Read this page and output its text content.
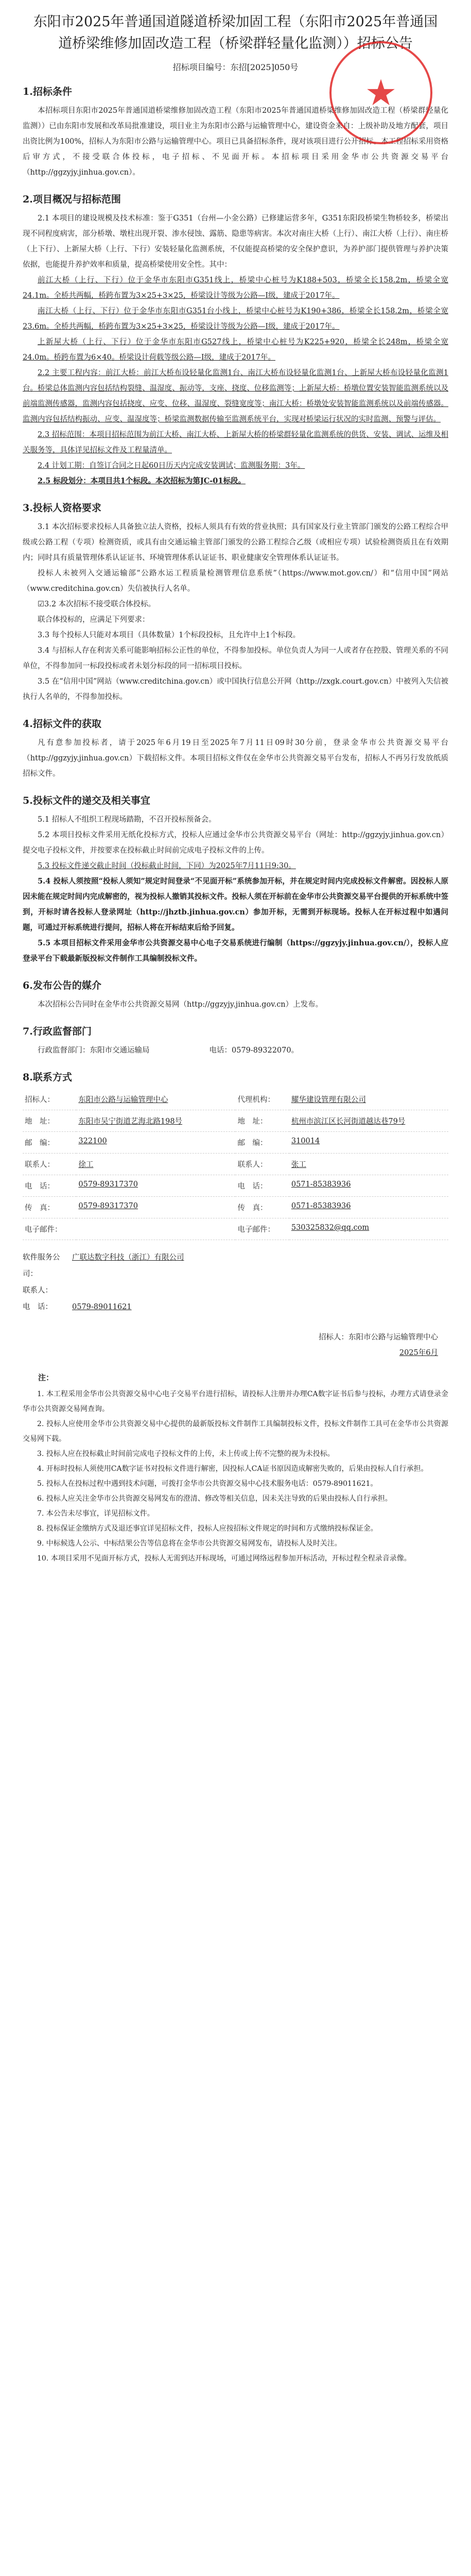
★
东阳市2025年普通国道隧道桥梁加固工程（东阳市2025年普通国道桥梁维修加固改造工程（桥梁群轻量化监测））招标公告
招标项目编号：东招[2025]050号
1.招标条件

本招标项目东阳市2025年普通国道桥梁维修加固改造工程（东阳市2025年普通国道桥梁维修加固改造工程（桥梁群轻量化监测））已由东阳市发展和改革局批准建设，项目业主为东阳市公路与运输管理中心，建设资金来自：上级补助及地方配套，项目出资比例为100%，招标人为东阳市公路与运输管理中心。项目已具备招标条件，现对该项目进行公开招标。本工程招标采用资格后审方式，不接受联合体投标，电子招标、不见面开标。本招标项目采用金华市公共资源交易平台（http://ggzyjy.jinhua.gov.cn）。

2.项目概况与招标范围

2.1 本项目的建设规模及技术标准：鉴于G351（台州—小金公路）已修建运营多年，G351东阳段桥梁生物桥较多，桥梁出现不同程度病害，部分桥墩、墩柱出现开裂、渗水侵蚀、露筋、隐患等病害。本次对南庄大桥（上行）、南江大桥（上行）、南庄桥（上下行）、上新屋大桥（上行、下行）安装轻量化监测系统，不仅能提高桥梁的安全保护意识，为养护部门提供管理与养护决策依据，也能提升养护效率和质量，提高桥梁使用安全性。其中：

前江大桥（上行、下行）位于金华市东阳市G351线上，桥梁中心桩号为K188+503，桥梁全长158.2m，桥梁全宽24.1m。全桥共两幅，桥跨布置为3×25+3×25，桥梁设计等级为公路—Ⅰ级，建成于2017年。

南江大桥（上行、下行）位于金华市东阳市G351台小线上，桥梁中心桩号为K190+386，桥梁全长158.2m，桥梁全宽23.6m。全桥共两幅，桥跨布置为3×25+3×25，桥梁设计等级为公路—Ⅰ级，建成于2017年。

上新屋大桥（上行、下行）位于金华市东阳市G527线上，桥梁中心桩号为K225+920，桥梁全长248m，桥梁全宽24.0m。桥跨布置为6×40。桥梁设计荷载等级公路—Ⅰ级，建成于2017年。

2.2 主要工程内容：前江大桥：前江大桥布设轻量化监测1台、南江大桥布设轻量化监测1台、上新屋大桥布设轻量化监测1台。桥梁总体监测内容包括结构裂缝、温湿度、振动等，支座、挠度、位移监测等；上新屋大桥：桥墩位置安装智能监测系统以及前端监测传感器，监测内容包括挠度、应变、位移、温湿度、裂缝宽度等；南江大桥：桥墩处安装智能监测系统以及前端传感器。监测内容包括结构振动、应变、温湿度等；桥梁监测数据传输至监测系统平台，实现对桥梁运行状况的实时监测、预警与评估。

2.3 招标范围：本项目招标范围为前江大桥、南江大桥、上新屋大桥的桥梁群轻量化监测系统的供货、安装、调试、运维及相关服务等，具体详见招标文件及工程量清单。

2.4 计划工期：自签订合同之日起60日历天内完成安装调试；监测服务期：3年。

2.5 标段划分：本项目共1个标段。本次招标为第JC-01标段。

3.投标人资格要求

3.1 本次招标要求投标人具备独立法人资格，投标人须具有有效的营业执照；具有国家及行业主管部门颁发的公路工程综合甲级或公路工程（专项）检测资质，或具有由交通运输主管部门颁发的公路工程综合乙级（或相应专项）试验检测资质且在有效期内；同时具有质量管理体系认证证书、环境管理体系认证证书、职业健康安全管理体系认证证书。

投标人未被列入交通运输部“公路水运工程质量检测管理信息系统”（https://www.mot.gov.cn/）和“信用中国”网站（www.creditchina.gov.cn）失信被执行人名单。

☑3.2 本次招标不接受联合体投标。

联合体投标的，应满足下列要求：

3.3 每个投标人只能对本项目（具体数量）1个标段投标，且允许中上1个标段。

3.4 与招标人存在利害关系可能影响招标公正性的单位，不得参加投标。单位负责人为同一人或者存在控股、管理关系的不同单位，不得参加同一标段投标或者未划分标段的同一招标项目投标。

3.5 在“信用中国”网站（www.creditchina.gov.cn）或中国执行信息公开网（http://zxgk.court.gov.cn）中被列入失信被执行人名单的，不得参加投标。

4.招标文件的获取

凡有意参加投标者，请于2025年6月19日至2025年7月11日09时30分前，登录金华市公共资源交易平台（http://ggzyjy.jinhua.gov.cn）下载招标文件。本项目招标文件仅在金华市公共资源交易平台发布，招标人不再另行发放纸质招标文件。

5.投标文件的递交及相关事宜

5.1 招标人不组织工程现场踏勘，不召开投标预备会。

5.2 本项目投标文件采用无纸化投标方式，投标人应通过金华市公共资源交易平台（网址：http://ggzyjy.jinhua.gov.cn）提交电子投标文件，并按要求在投标截止时间前完成电子投标文件的上传。

5.3 投标文件递交截止时间（投标截止时间，下同）为2025年7月11日9:30。

5.4 投标人须按照“投标人须知”规定时间登录“不见面开标”系统参加开标，并在规定时间内完成投标文件解密。因投标人原因未能在规定时间内完成解密的，视为投标人撤销其投标文件。投标人须在开标前在金华市公共资源交易平台提供的开标系统中签到，开标时请各投标人登录网址（http://jhztb.jinhua.gov.cn）参加开标，无需到开标现场。投标人在开标过程中如遇问题，可通过开标系统进行提问，招标人将在开标结束后给予回复。

5.5 本项目招标文件采用金华市公共资源交易中心电子交易系统进行编制（https://ggzyjy.jinhua.gov.cn/），投标人应登录平台下载最新版投标文件制作工具编制投标文件。

6.发布公告的媒介

本次招标公告同时在金华市公共资源交易网（http://ggzyjy.jinhua.gov.cn）上发布。

7.行政监督部门

行政监督部门：东阳市交通运输局　　　　　　　　电话：0579-89322070。

8.联系方式
招标人：	东阳市公路与运输管理中心	代理机构：	耀华建设管理有限公司
地　址：	东阳市吴宁街道艺海北路198号	地　址：	杭州市滨江区长河街道越达巷79号
邮　编：	322100	邮　编：	310014
联系人：	徐工	联系人：	张工
电　话：	0579-89317370	电　话：	0571-85383936
传　真：	0579-89317370	传　真：	0571-85383936
电子邮件：		电子邮件：	530325832@qq.com
软件服务公司：
广联达数字科技（浙江）有限公司
联系人：
电　话：	0579-89011621
招标人：东阳市公路与运输管理中心
2025年6月
注：

1. 本工程采用金华市公共资源交易中心电子交易平台进行招标，请投标人注册并办理CA数字证书后参与投标，办理方式请登录金华市公共资源交易网查询。

2. 投标人应使用金华市公共资源交易中心提供的最新版投标文件制作工具编制投标文件，投标文件制作工具可在金华市公共资源交易网下载。

3. 投标人应在投标截止时间前完成电子投标文件的上传，未上传或上传不完整的视为未投标。

4. 开标时投标人须使用CA数字证书对投标文件进行解密，因投标人CA证书原因造成解密失败的，后果由投标人自行承担。

5. 投标人在投标过程中遇到技术问题，可拨打金华市公共资源交易中心技术服务电话：0579-89011621。

6. 投标人应关注金华市公共资源交易网发布的澄清、修改等相关信息，因未关注导致的后果由投标人自行承担。

7. 本公告未尽事宜，详见招标文件。

8. 投标保证金缴纳方式及退还事宜详见招标文件，投标人应按招标文件规定的时间和方式缴纳投标保证金。

9. 中标候选人公示、中标结果公告等信息将在金华市公共资源交易网发布，请投标人及时关注。

10. 本项目采用不见面开标方式，投标人无需到达开标现场，可通过网络远程参加开标活动，开标过程全程录音录像。
